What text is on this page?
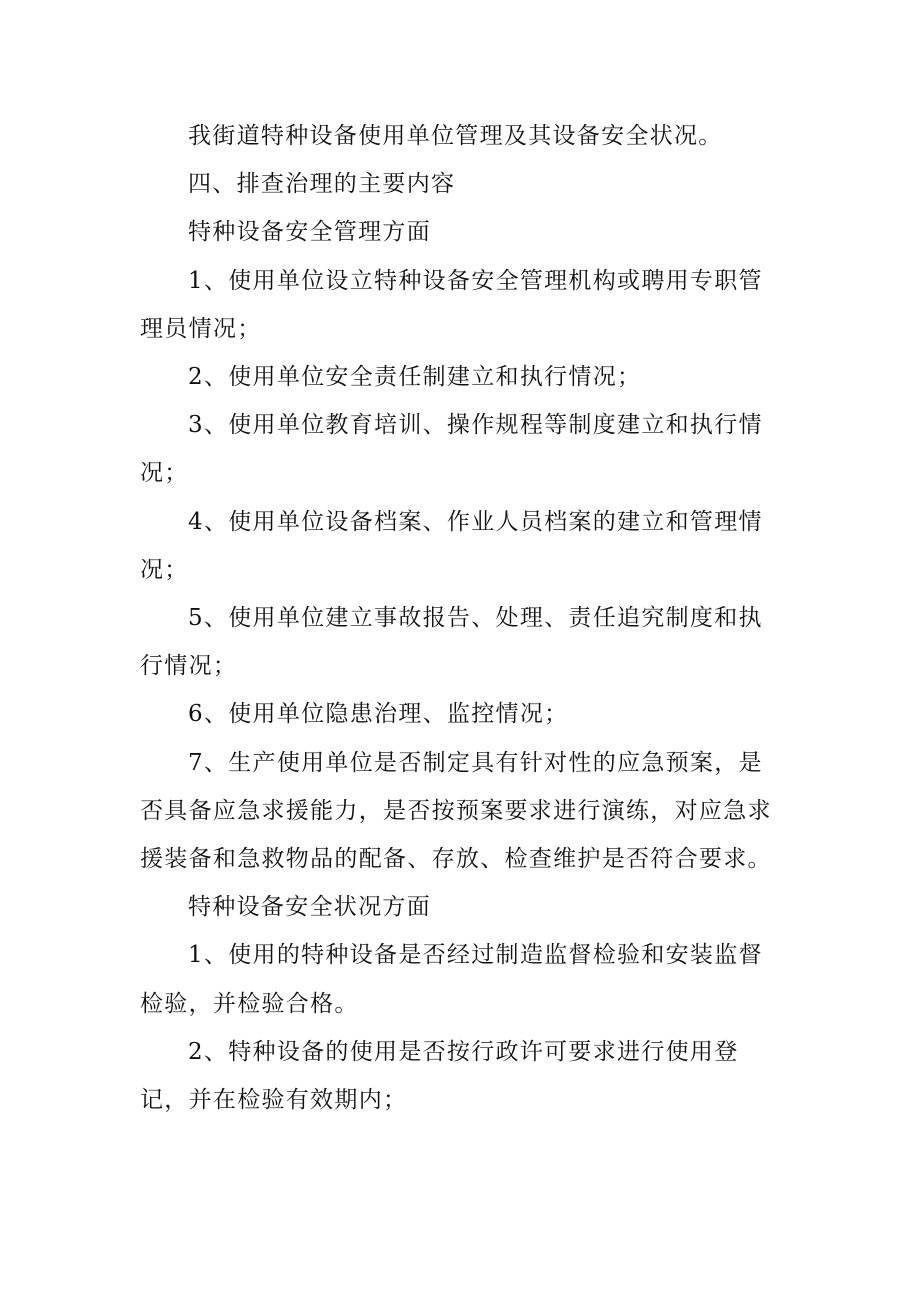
我街道特种设备使用单位管理及其设备安全状况。

四、排查治理的主要内容

特种设备安全管理方面

1、使用单位设立特种设备安全管理机构或聘用专职管理员情况；

2、使用单位安全责任制建立和执行情况；

3、使用单位教育培训、操作规程等制度建立和执行情况；

4、使用单位设备档案、作业人员档案的建立和管理情况；

5、使用单位建立事故报告、处理、责任追究制度和执行情况；

6、使用单位隐患治理、监控情况；

7、生产使用单位是否制定具有针对性的应急预案，是否具备应急求援能力，是否按预案要求进行演练，对应急求援装备和急救物品的配备、存放、检查维护是否符合要求。

特种设备安全状况方面

1、使用的特种设备是否经过制造监督检验和安装监督检验，并检验合格。

2、特种设备的使用是否按行政许可要求进行使用登记，并在检验有效期内；
